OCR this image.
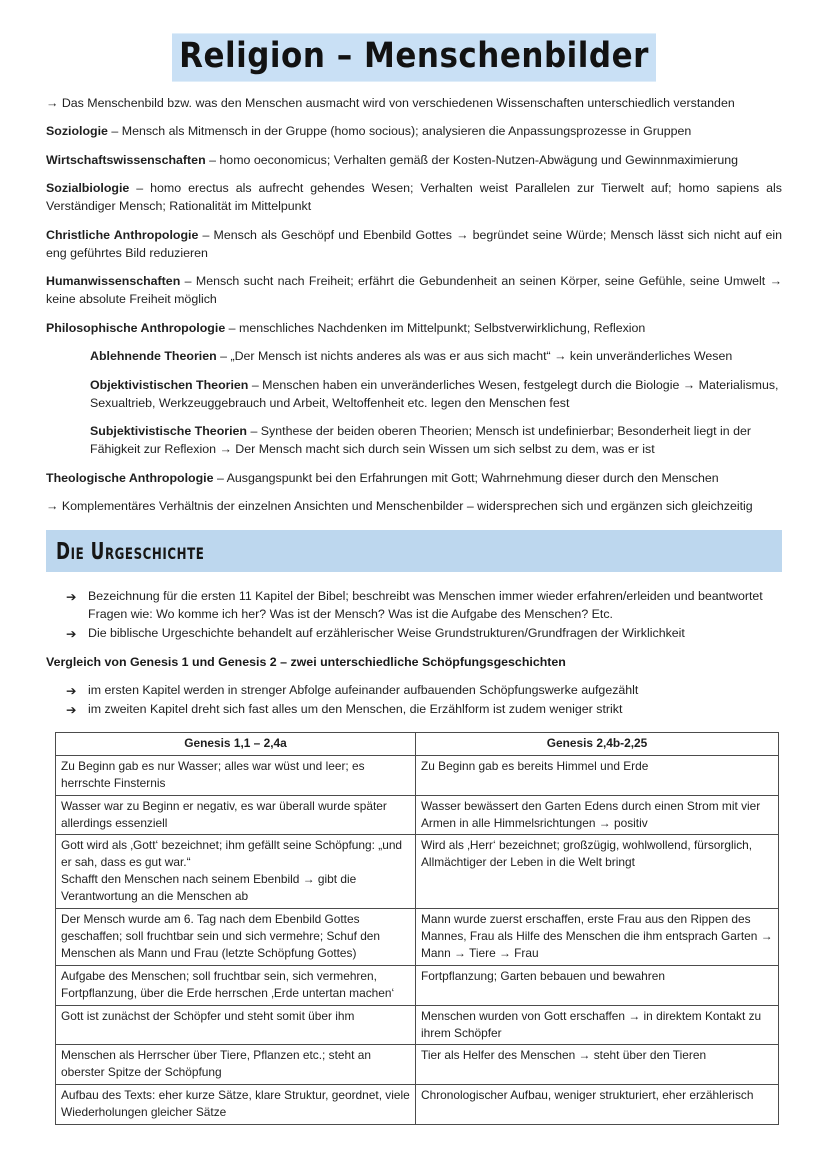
Religion – Menschenbilder

→ Das Menschenbild bzw. was den Menschen ausmacht wird von verschiedenen Wissenschaften unterschiedlich verstanden

Soziologie – Mensch als Mitmensch in der Gruppe (homo socious); analysieren die Anpassungsprozesse in Gruppen

Wirtschaftswissenschaften – homo oeconomicus; Verhalten gemäß der Kosten-Nutzen-Abwägung und Gewinnmaximierung

Sozialbiologie – homo erectus als aufrecht gehendes Wesen; Verhalten weist Parallelen zur Tierwelt auf; homo sapiens als Verständiger Mensch; Rationalität im Mittelpunkt

Christliche Anthropologie – Mensch als Geschöpf und Ebenbild Gottes → begründet seine Würde; Mensch lässt sich nicht auf ein eng geführtes Bild reduzieren

Humanwissenschaften – Mensch sucht nach Freiheit; erfährt die Gebundenheit an seinen Körper, seine Gefühle, seine Umwelt → keine absolute Freiheit möglich

Philosophische Anthropologie – menschliches Nachdenken im Mittelpunkt; Selbstverwirklichung, Reflexion

Ablehnende Theorien – „Der Mensch ist nichts anderes als was er aus sich macht“ → kein unveränderliches Wesen

Objektivistischen Theorien – Menschen haben ein unveränderliches Wesen, festgelegt durch die Biologie → Materialismus, Sexualtrieb, Werkzeuggebrauch und Arbeit, Weltoffenheit etc. legen den Menschen fest

Subjektivistische Theorien – Synthese der beiden oberen Theorien; Mensch ist undefinierbar; Besonderheit liegt in der Fähigkeit zur Reflexion → Der Mensch macht sich durch sein Wissen um sich selbst zu dem, was er ist

Theologische Anthropologie – Ausgangspunkt bei den Erfahrungen mit Gott; Wahrnehmung dieser durch den Menschen

→ Komplementäres Verhältnis der einzelnen Ansichten und Menschenbilder – widersprechen sich und ergänzen sich gleichzeitig

Die Urgeschichte
➔ Bezeichnung für die ersten 11 Kapitel der Bibel; beschreibt was Menschen immer wieder erfahren/erleiden und beantwortet Fragen wie: Wo komme ich her? Was ist der Mensch? Was ist die Aufgabe des Menschen? Etc.
➔ Die biblische Urgeschichte behandelt auf erzählerischer Weise Grundstrukturen/Grundfragen der Wirklichkeit

Vergleich von Genesis 1 und Genesis 2 – zwei unterschiedliche Schöpfungsgeschichten

➔ im ersten Kapitel werden in strenger Abfolge aufeinander aufbauenden Schöpfungswerke aufgezählt
➔ im zweiten Kapitel dreht sich fast alles um den Menschen, die Erzählform ist zudem weniger strikt
Genesis 1,1 – 2,4a	Genesis 2,4b-2,25

Zu Beginn gab es nur Wasser; alles war wüst und leer; es herrschte Finsternis	Zu Beginn gab es bereits Himmel und Erde

Wasser war zu Beginn er negativ, es war überall wurde später allerdings essenziell	Wasser bewässert den Garten Edens durch einen Strom mit vier Armen in alle Himmelsrichtungen → positiv

Gott wird als ‚Gott‘ bezeichnet; ihm gefällt seine Schöpfung: „und er sah, dass es gut war.“
Schafft den Menschen nach seinem Ebenbild → gibt die Verantwortung an die Menschen ab	Wird als ‚Herr‘ bezeichnet; großzügig, wohlwollend, fürsorglich, Allmächtiger der Leben in die Welt bringt

Der Mensch wurde am 6. Tag nach dem Ebenbild Gottes geschaffen; soll fruchtbar sein und sich vermehre; Schuf den Menschen als Mann und Frau (letzte Schöpfung Gottes)	Mann wurde zuerst erschaffen, erste Frau aus den Rippen des Mannes, Frau als Hilfe des Menschen die ihm entsprach Garten → Mann → Tiere → Frau

Aufgabe des Menschen; soll fruchtbar sein, sich vermehren, Fortpflanzung, über die Erde herrschen ‚Erde untertan machen‘	Fortpflanzung; Garten bebauen und bewahren

Gott ist zunächst der Schöpfer und steht somit über ihm	Menschen wurden von Gott erschaffen → in direktem Kontakt zu ihrem Schöpfer

Menschen als Herrscher über Tiere, Pflanzen etc.; steht an oberster Spitze der Schöpfung	Tier als Helfer des Menschen → steht über den Tieren

Aufbau des Texts: eher kurze Sätze, klare Struktur, geordnet, viele Wiederholungen gleicher Sätze	Chronologischer Aufbau, weniger strukturiert, eher erzählerisch
